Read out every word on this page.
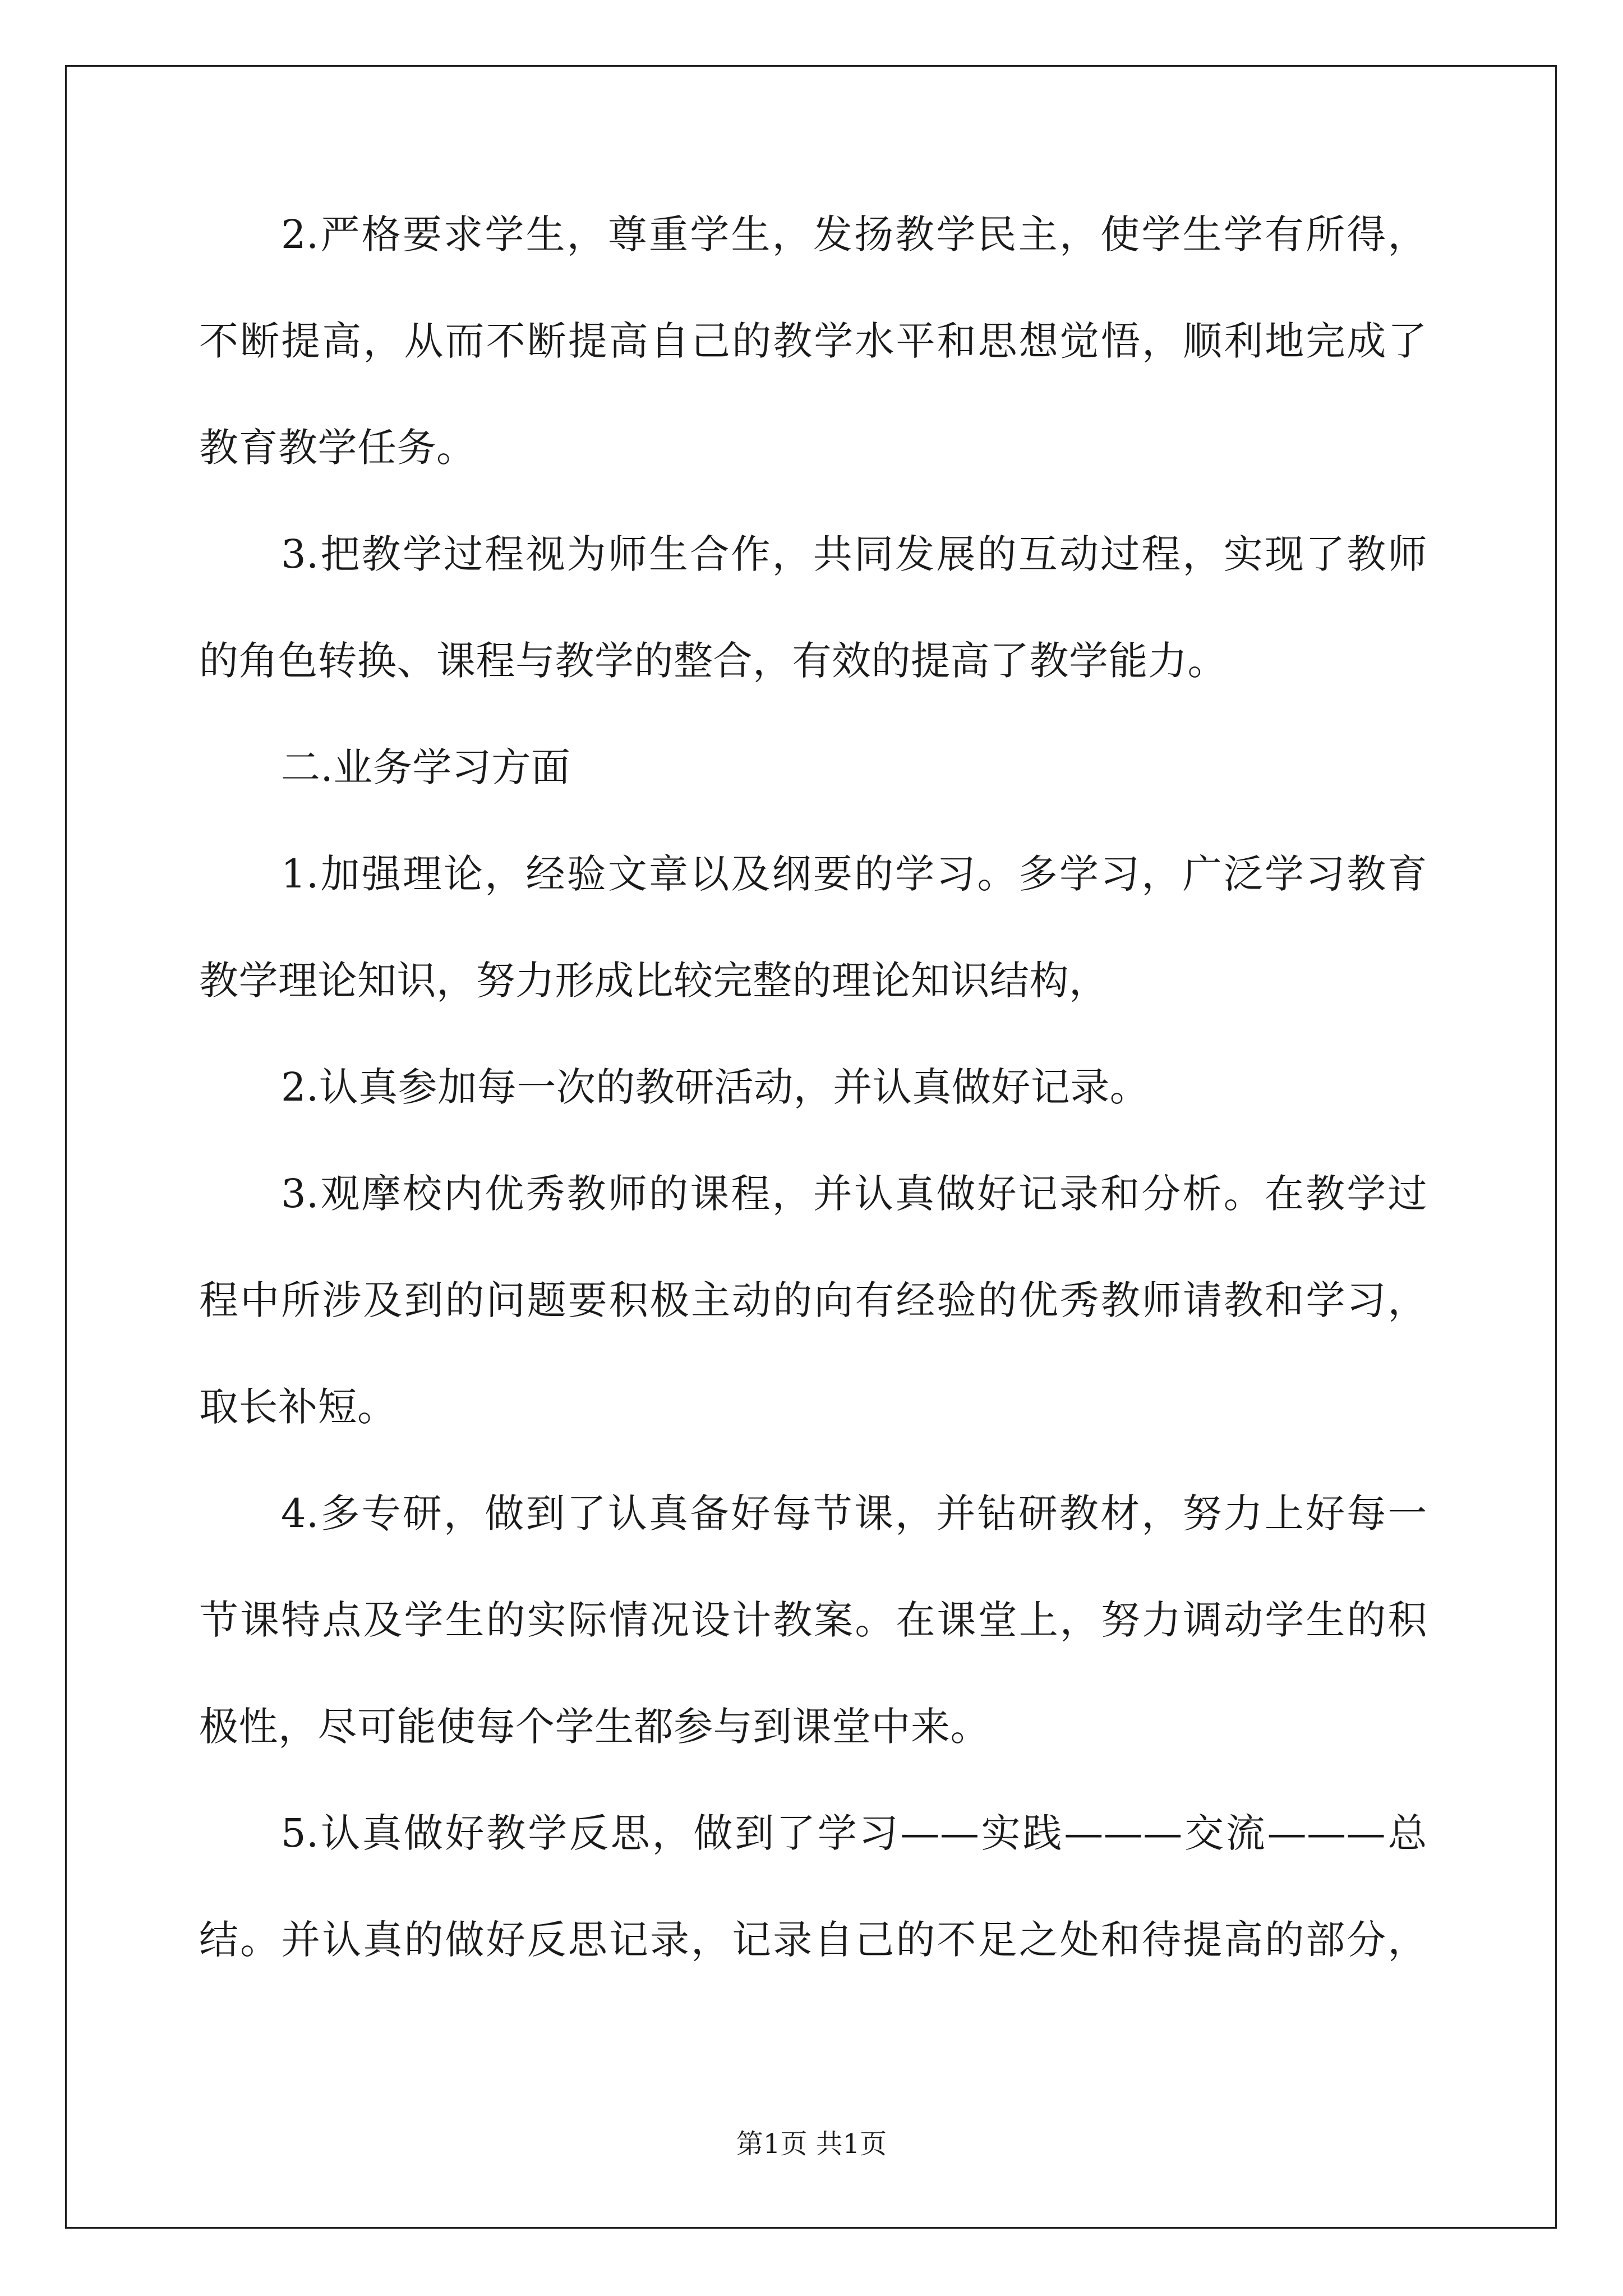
2.严格要求学生，尊重学生，发扬教学民主，使学生学有所得，
不断提高，从而不断提高自己的教学水平和思想觉悟，顺利地完成了
教育教学任务。
3.把教学过程视为师生合作，共同发展的互动过程，实现了教师
的角色转换、课程与教学的整合，有效的提高了教学能力。
二.业务学习方面
1.加强理论，经验文章以及纲要的学习。多学习，广泛学习教育
教学理论知识，努力形成比较完整的理论知识结构，
2.认真参加每一次的教研活动，并认真做好记录。
3.观摩校内优秀教师的课程，并认真做好记录和分析。在教学过
程中所涉及到的问题要积极主动的向有经验的优秀教师请教和学习，
取长补短。
4.多专研，做到了认真备好每节课，并钻研教材，努力上好每一
节课特点及学生的实际情况设计教案。在课堂上，努力调动学生的积
极性，尽可能使每个学生都参与到课堂中来。
5.认真做好教学反思，做到了学习——实践———交流———总
结。并认真的做好反思记录，记录自己的不足之处和待提高的部分，
第1页 共1页
